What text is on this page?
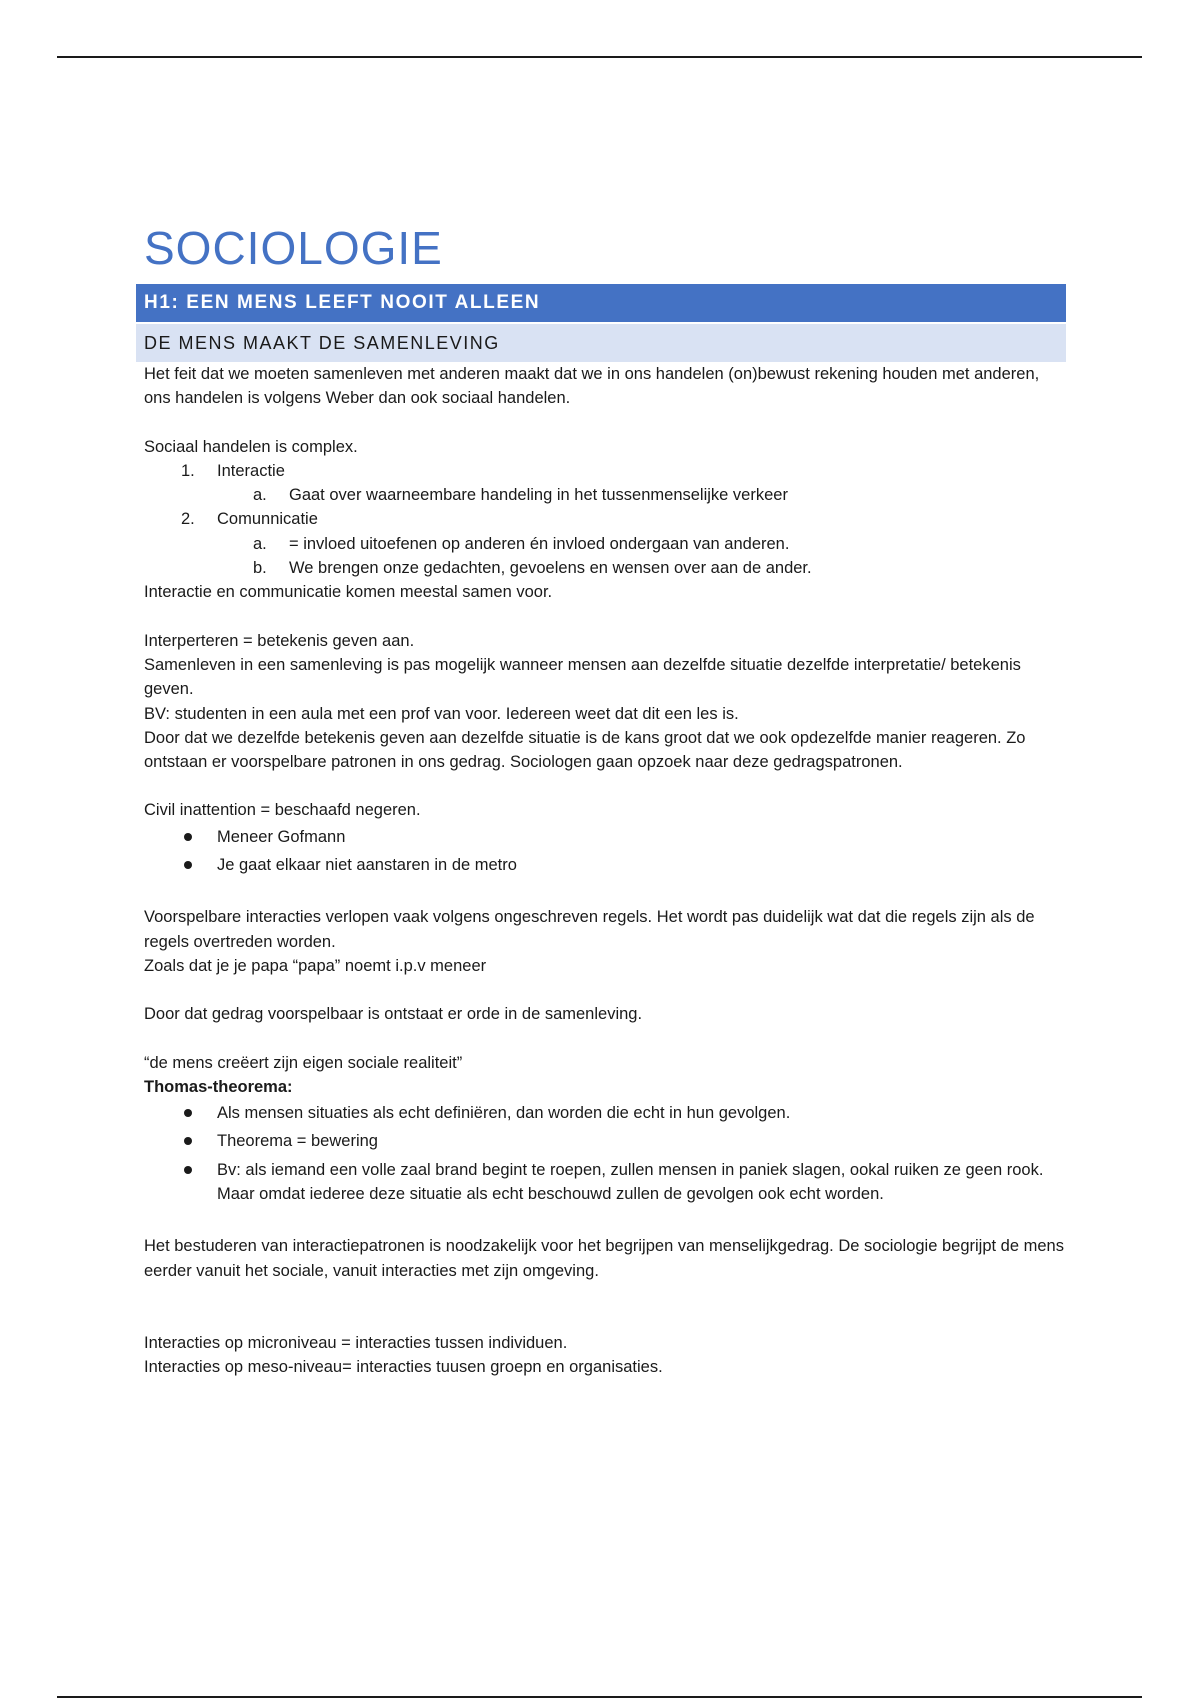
SOCIOLOGIE
H1: EEN MENS LEEFT NOOIT ALLEEN
DE MENS MAAKT DE SAMENLEVING

Het feit dat we moeten samenleven met anderen maakt dat we in ons handelen (on)bewust rekening houden met anderen, ons handelen is volgens Weber dan ook sociaal handelen.

Sociaal handelen is complex.

1. Interactie
a. Gaat over waarneembare handeling in het tussenmenselijke verkeer
2. Comunnicatie
a. = invloed uitoefenen op anderen én invloed ondergaan van anderen.
b. We brengen onze gedachten, gevoelens en wensen over aan de ander.

Interactie en communicatie komen meestal samen voor.

Interperteren = betekenis geven aan.

Samenleven in een samenleving is pas mogelijk wanneer mensen aan dezelfde situatie dezelfde interpretatie/ betekenis geven.

BV: studenten in een aula met een prof van voor. Iedereen weet dat dit een les is.

Door dat we dezelfde betekenis geven aan dezelfde situatie is de kans groot dat we ook opdezelfde manier reageren. Zo ontstaan er voorspelbare patronen in ons gedrag. Sociologen gaan opzoek naar deze gedragspatronen.

Civil inattention = beschaafd negeren.

Meneer Gofmann
Je gaat elkaar niet aanstaren in de metro

Voorspelbare interacties verlopen vaak volgens ongeschreven regels. Het wordt pas duidelijk wat dat die regels zijn als de regels overtreden worden.

Zoals dat je je papa “papa” noemt i.p.v meneer

Door dat gedrag voorspelbaar is ontstaat er orde in de samenleving.

“de mens creëert zijn eigen sociale realiteit”

Thomas-theorema:

Als mensen situaties als echt definiëren, dan worden die echt in hun gevolgen.
Theorema = bewering
Bv: als iemand een volle zaal brand begint te roepen, zullen mensen in paniek slagen, ookal ruiken ze geen rook. Maar omdat iederee deze situatie als echt beschouwd zullen de gevolgen ook echt worden.

Het bestuderen van interactiepatronen is noodzakelijk voor het begrijpen van menselijkgedrag. De sociologie begrijpt de mens eerder vanuit het sociale, vanuit interacties met zijn omgeving.

Interacties op microniveau = interacties tussen individuen.

Interacties op meso-niveau= interacties tuusen groepn en organisaties.
